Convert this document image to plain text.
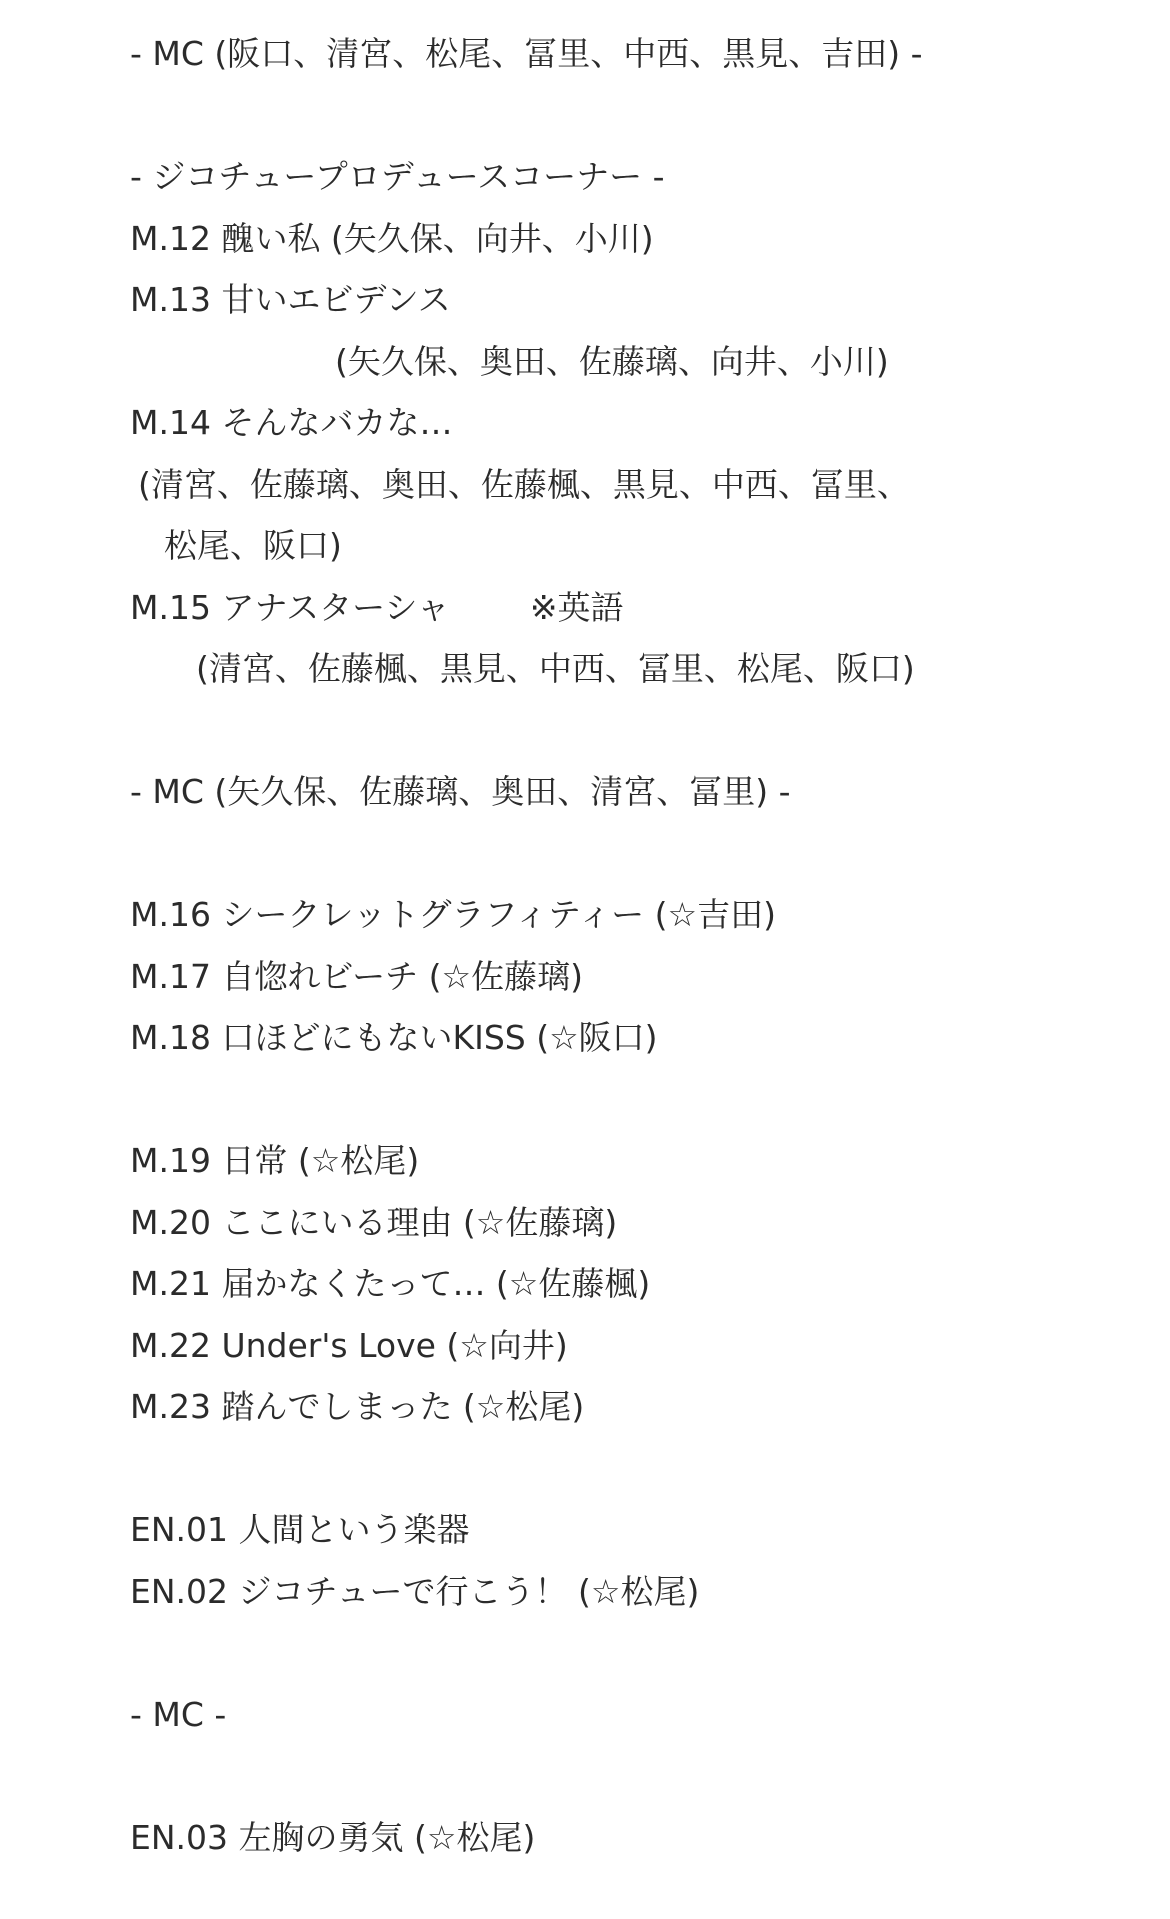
- MC (阪口、清宮、松尾、冨里、中西、黒見、吉田) -
- ジコチュープロデュースコーナー -
M.12 醜い私 (矢久保、向井、小川)
M.13 甘いエビデンス
(矢久保、奥田、佐藤璃、向井、小川)
M.14 そんなバカな…
(清宮、佐藤璃、奥田、佐藤楓、黒見、中西、冨里、
松尾、阪口)
M.15 アナスターシャ ※英語
(清宮、佐藤楓、黒見、中西、冨里、松尾、阪口)
- MC (矢久保、佐藤璃、奥田、清宮、冨里) -
M.16 シークレットグラフィティー (☆吉田)
M.17 自惚れビーチ (☆佐藤璃)
M.18 口ほどにもないKISS (☆阪口)
M.19 日常 (☆松尾)
M.20 ここにいる理由 (☆佐藤璃)
M.21 届かなくたって… (☆佐藤楓)
M.22 Under's Love (☆向井)
M.23 踏んでしまった (☆松尾)
EN.01 人間という楽器
EN.02 ジコチューで行こう！ (☆松尾)
- MC -
EN.03 左胸の勇気 (☆松尾)
